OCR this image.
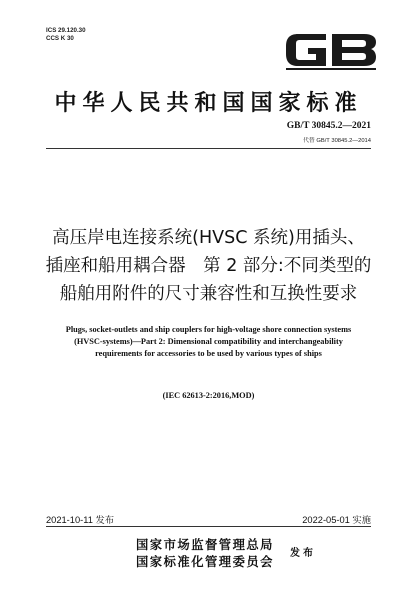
ICS 29.120.30
CCS K 30
中华人民共和国国家标准
GB/T 30845.2—2021
代替 GB/T 30845.2—2014
高压岸电连接系统(HVSC 系统)用插头、
插座和船用耦合器　第 2 部分:不同类型的
船舶用附件的尺寸兼容性和互换性要求
Plugs, socket-outlets and ship couplers for high-voltage shore connection systems
(HVSC-systems)—Part 2: Dimensional compatibility and interchangeability
requirements for accessories to be used by various types of ships
(IEC 62613-2:2016,MOD)
2021-10-11 发布	2022-05-01 实施
国家市场监督管理总局
国家标准化管理委员会
发布
